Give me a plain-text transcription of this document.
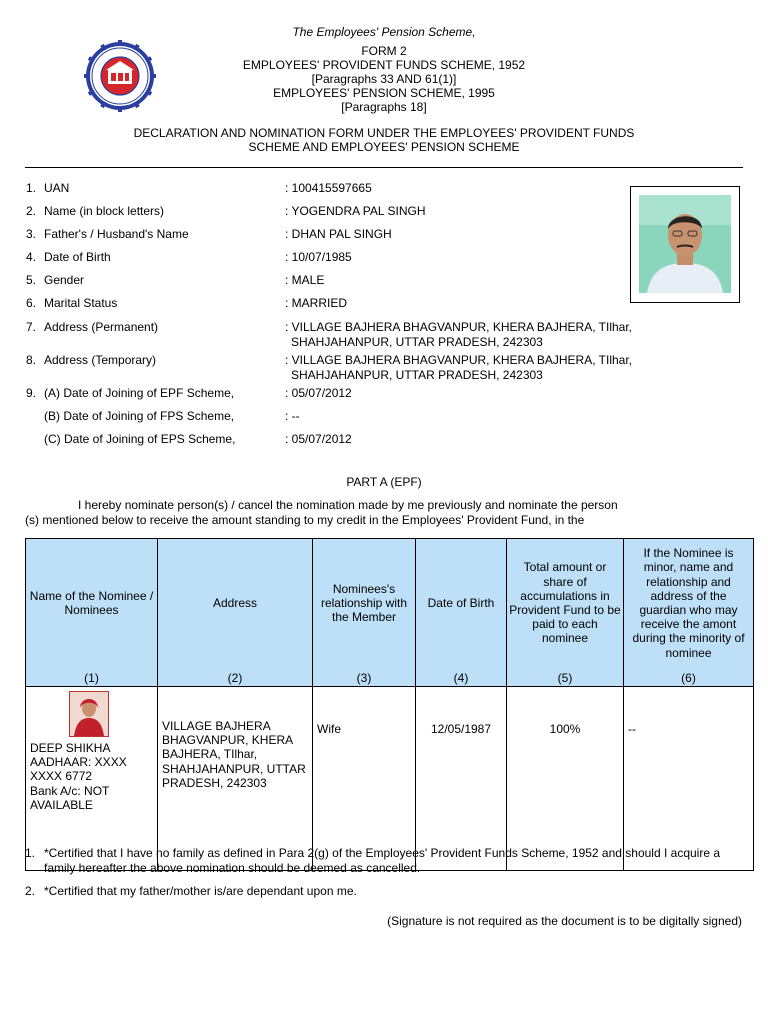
The Employees' Pension Scheme,
FORM 2
EMPLOYEES' PROVIDENT FUNDS SCHEME, 1952
[Paragraphs 33 AND 61(1)]
EMPLOYEES' PENSION SCHEME, 1995
[Paragraphs 18]
DECLARATION AND NOMINATION FORM UNDER THE EMPLOYEES' PROVIDENT FUNDS
SCHEME AND EMPLOYEES' PENSION SCHEME
1. UAN	: 100415597665
2. Name (in block letters)	: YOGENDRA PAL SINGH
3. Father's / Husband's Name	: DHAN PAL SINGH
4. Date of Birth	: 10/07/1985
5. Gender	: MALE
6. Marital Status	: MARRIED
7. Address (Permanent)	: VILLAGE BAJHERA BHAGVANPUR, KHERA BAJHERA, TIlhar,
SHAHJAHANPUR, UTTAR PRADESH, 242303
8. Address (Temporary)	: VILLAGE BAJHERA BHAGVANPUR, KHERA BAJHERA, TIlhar,
SHAHJAHANPUR, UTTAR PRADESH, 242303
9. (A) Date of Joining of EPF Scheme,	: 05/07/2012
(B) Date of Joining of FPS Scheme,	: --
(C) Date of Joining of EPS Scheme,	: 05/07/2012
PART A (EPF)
I hereby nominate person(s) / cancel the nomination made by me previously and nominate the person
(s) mentioned below to receive the amount standing to my credit in the Employees' Provident Fund, in the
Name of the Nominee / Nominees	Address	Nominees's relationship with the Member	Date of Birth	Total amount or share of accumulations in Provident Fund to be paid to each nominee	If the Nominee is minor, name and relationship and address of the guardian who may receive the amont during the minority of nominee
(1)	(2)	(3)	(4)	(5)	(6)

DEEP SHIKHA
AADHAAR: XXXX XXXX 6772
Bank A/c: NOT AVAILABLE	VILLAGE BAJHERA BHAGVANPUR, KHERA BAJHERA, TIlhar, SHAHJAHANPUR, UTTAR PRADESH, 242303	Wife	12/05/1987	100%	--
1. *Certified that I have no family as defined in Para 2(g) of the Employees' Provident Funds Scheme, 1952 and should I acquire a family hereafter the above nomination should be deemed as cancelled.
2. *Certified that my father/mother is/are dependant upon me.
(Signature is not required as the document is to be digitally signed)
